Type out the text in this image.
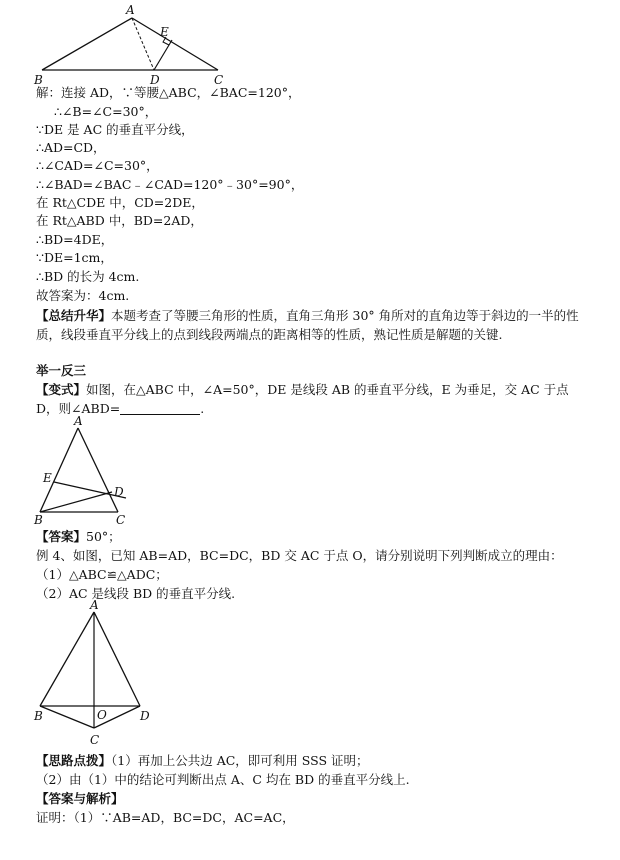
A
B	C
D
E
解：连接 AD，∵等腰△ABC，∠BAC=120°，
∴∠B=∠C=30°，
∵DE 是 AC 的垂直平分线，
∴AD=CD，
∴∠CAD=∠C=30°，
∴∠BAD=∠BAC﹣∠CAD=120°﹣30°=90°，
在 Rt△CDE 中，CD=2DE，
在 Rt△ABD 中，BD=2AD，
∴BD=4DE，
∵DE=1cm，
∴BD 的长为 4cm.
故答案为：4cm.
【总结升华】本题考查了等腰三角形的性质，直角三角形 30° 角所对的直角边等于斜边的一半的性质，线段垂直平分线上的点到线段两端点的距离相等的性质，熟记性质是解题的关键.
举一反三
【变式】如图，在△ABC 中，∠A=50°，DE 是线段 AB 的垂直平分线，E 为垂足，交 AC 于点
D，则∠ABD=	.
A
B	C
D
E
【答案】50°；
例 4、如图，已知 AB=AD，BC=DC，BD 交 AC 于点 O，请分别说明下列判断成立的理由：
（1）△ABC≌△ADC；
（2）AC 是线段 BD 的垂直平分线.
A
B	D
O
C
【思路点拨】（1）再加上公共边 AC，即可利用 SSS 证明；
（2）由（1）中的结论可判断出点 A、C 均在 BD 的垂直平分线上.
【答案与解析】
证明：（1）∵AB=AD，BC=DC，AC=AC，
